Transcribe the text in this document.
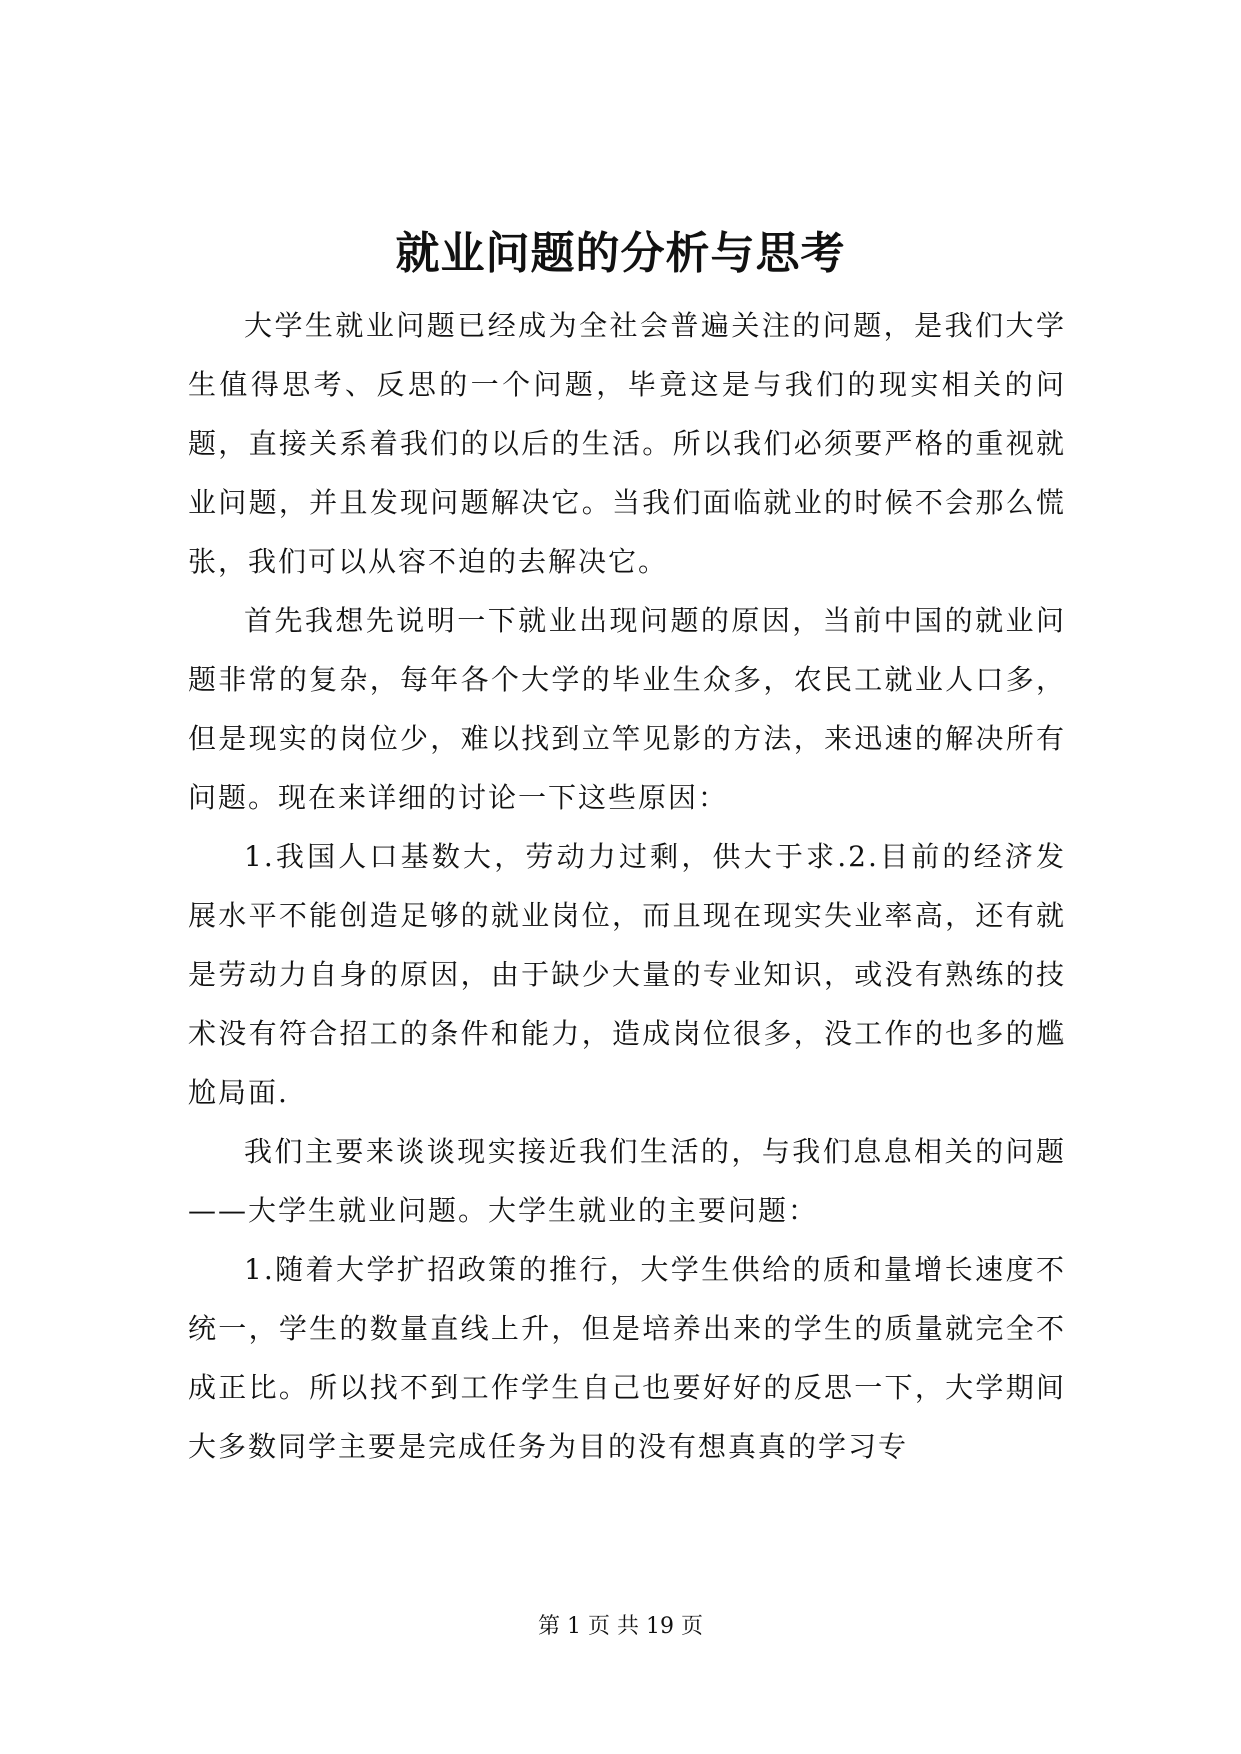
就业问题的分析与思考

大学生就业问题已经成为全社会普遍关注的问题，是我们大学生值得思考、反思的一个问题，毕竟这是与我们的现实相关的问题，直接关系着我们的以后的生活。所以我们必须要严格的重视就业问题，并且发现问题解决它。当我们面临就业的时候不会那么慌张，我们可以从容不迫的去解决它。

首先我想先说明一下就业出现问题的原因，当前中国的就业问题非常的复杂，每年各个大学的毕业生众多，农民工就业人口多，但是现实的岗位少，难以找到立竿见影的方法，来迅速的解决所有问题。现在来详细的讨论一下这些原因：

1.我国人口基数大，劳动力过剩，供大于求.2.目前的经济发展水平不能创造足够的就业岗位，而且现在现实失业率高，还有就是劳动力自身的原因，由于缺少大量的专业知识，或没有熟练的技术没有符合招工的条件和能力，造成岗位很多，没工作的也多的尴尬局面.

我们主要来谈谈现实接近我们生活的，与我们息息相关的问题——大学生就业问题。大学生就业的主要问题：

1.随着大学扩招政策的推行，大学生供给的质和量增长速度不统一，学生的数量直线上升，但是培养出来的学生的质量就完全不成正比。所以找不到工作学生自己也要好好的反思一下，大学期间大多数同学主要是完成任务为目的没有想真真的学习专

第 1 页 共 19 页
